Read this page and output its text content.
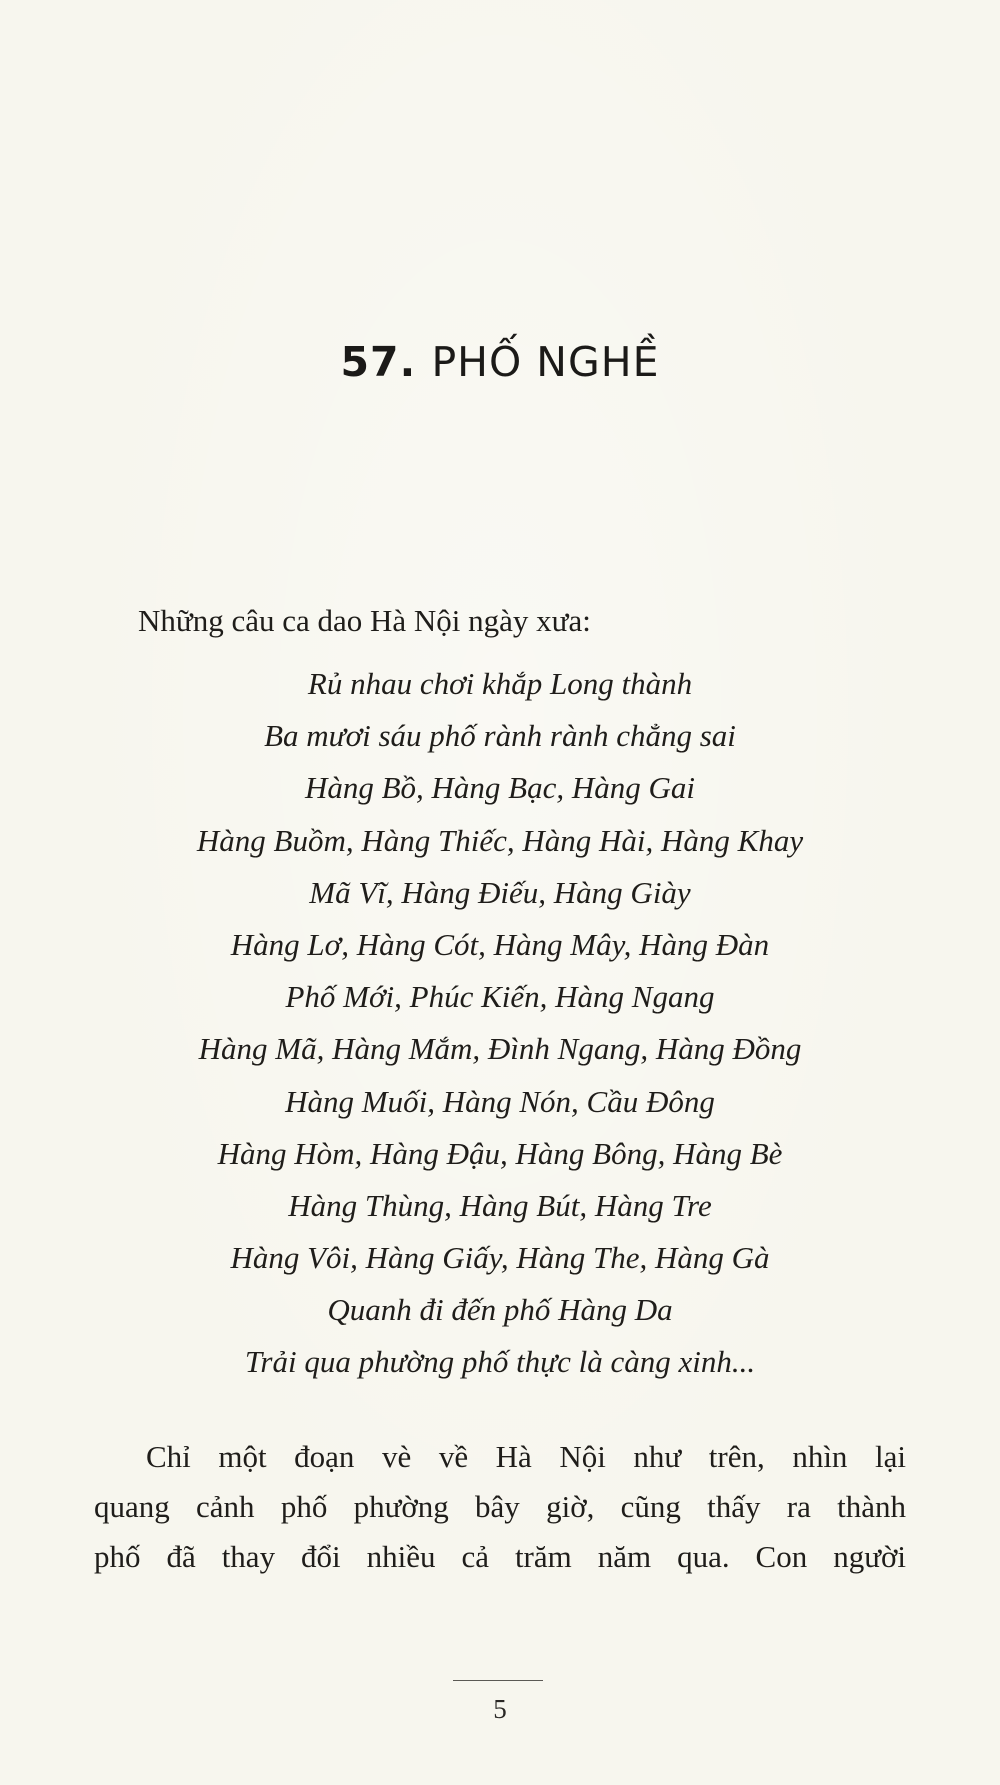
57. PHỐ NGHỀ
Những câu ca dao Hà Nội ngày xưa:
Rủ nhau chơi khắp Long thành
Ba mươi sáu phố rành rành chẳng sai
Hàng Bồ, Hàng Bạc, Hàng Gai
Hàng Buồm, Hàng Thiếc, Hàng Hài, Hàng Khay
Mã Vĩ, Hàng Điếu, Hàng Giày
Hàng Lơ, Hàng Cót, Hàng Mây, Hàng Đàn
Phố Mới, Phúc Kiến, Hàng Ngang
Hàng Mã, Hàng Mắm, Đình Ngang, Hàng Đồng
Hàng Muối, Hàng Nón, Cầu Đông
Hàng Hòm, Hàng Đậu, Hàng Bông, Hàng Bè
Hàng Thùng, Hàng Bút, Hàng Tre
Hàng Vôi, Hàng Giấy, Hàng The, Hàng Gà
Quanh đi đến phố Hàng Da
Trải qua phường phố thực là càng xinh...
Chỉ một đoạn vè về Hà Nội như trên, nhìn lại
quang cảnh phố phường bây giờ, cũng thấy ra thành
phố đã thay đổi nhiều cả trăm năm qua. Con người
5
